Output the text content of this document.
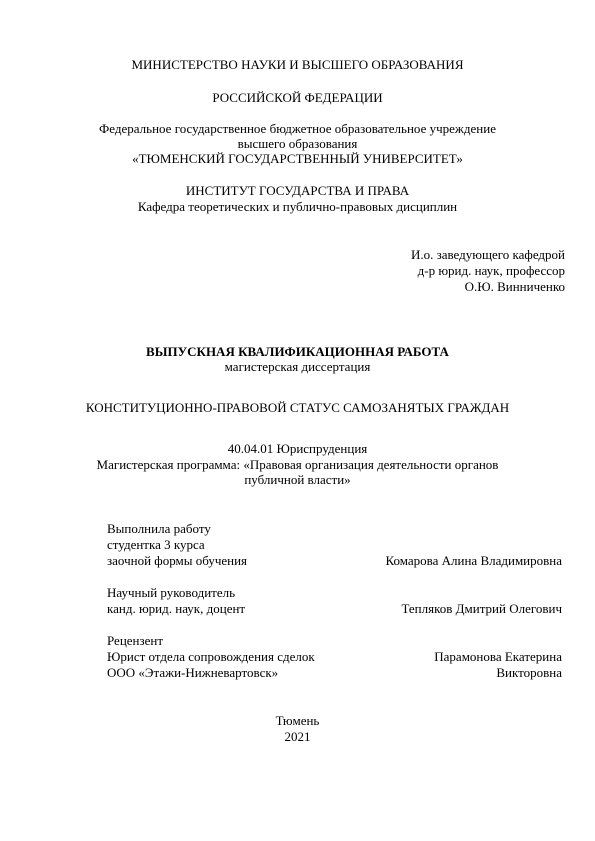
МИНИСТЕРСТВО НАУКИ И ВЫСШЕГО ОБРАЗОВАНИЯ
РОССИЙСКОЙ ФЕДЕРАЦИИ
Федеральное государственное бюджетное образовательное учреждение
высшего образования
«ТЮМЕНСКИЙ ГОСУДАРСТВЕННЫЙ УНИВЕРСИТЕТ»
ИНСТИТУТ ГОСУДАРСТВА И ПРАВА
Кафедра теоретических и публично-правовых дисциплин
И.о. заведующего кафедрой
д-р юрид. наук, профессор
О.Ю. Винниченко
ВЫПУСКНАЯ КВАЛИФИКАЦИОННАЯ РАБОТА
магистерская диссертация
КОНСТИТУЦИОННО-ПРАВОВОЙ СТАТУС САМОЗАНЯТЫХ ГРАЖДАН
40.04.01 Юриспруденция
Магистерская программа: «Правовая организация деятельности органов
публичной власти»
Выполнила работу
студентка 3 курса
заочной формы обучения	Комарова Алина Владимировна
Научный руководитель
канд. юрид. наук, доцент	Тепляков Дмитрий Олегович
Рецензент
Юрист отдела сопровождения сделок	Парамонова Екатерина
ООО «Этажи-Нижневартовск»	Викторовна
Тюмень
2021
